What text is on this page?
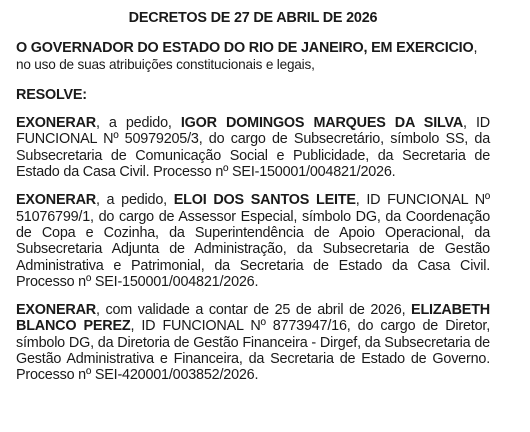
DECRETOS DE 27 DE ABRIL DE 2026
O GOVERNADOR DO ESTADO DO RIO DE JANEIRO, EM EXERCICIO,
no uso de suas atribuições constitucionais e legais,
RESOLVE:
EXONERAR, a pedido, IGOR DOMINGOS MARQUES DA SILVA, ID FUNCIONAL Nº 50979205/3, do cargo de Subsecretário, símbolo SS, da Subsecretaria de Comunicação Social e Publicidade, da Secretaria de Estado da Casa Civil. Processo nº SEI-150001/004821/2026.
EXONERAR, a pedido, ELOI DOS SANTOS LEITE, ID FUNCIONAL Nº 51076799/1, do cargo de Assessor Especial, símbolo DG, da Coordenação de Copa e Cozinha, da Superintendência de Apoio Operacional, da Subsecretaria Adjunta de Administração, da Subsecretaria de Gestão Administrativa e Patrimonial, da Secretaria de Estado da Casa Civil. Processo nº SEI-150001/004821/2026.
EXONERAR, com validade a contar de 25 de abril de 2026, ELIZABETH BLANCO PEREZ, ID FUNCIONAL Nº 8773947/16, do cargo de Diretor, símbolo DG, da Diretoria de Gestão Financeira - Dirgef, da Subsecretaria de Gestão Administrativa e Financeira, da Secretaria de Estado de Governo. Processo nº SEI-420001/003852/2026.
